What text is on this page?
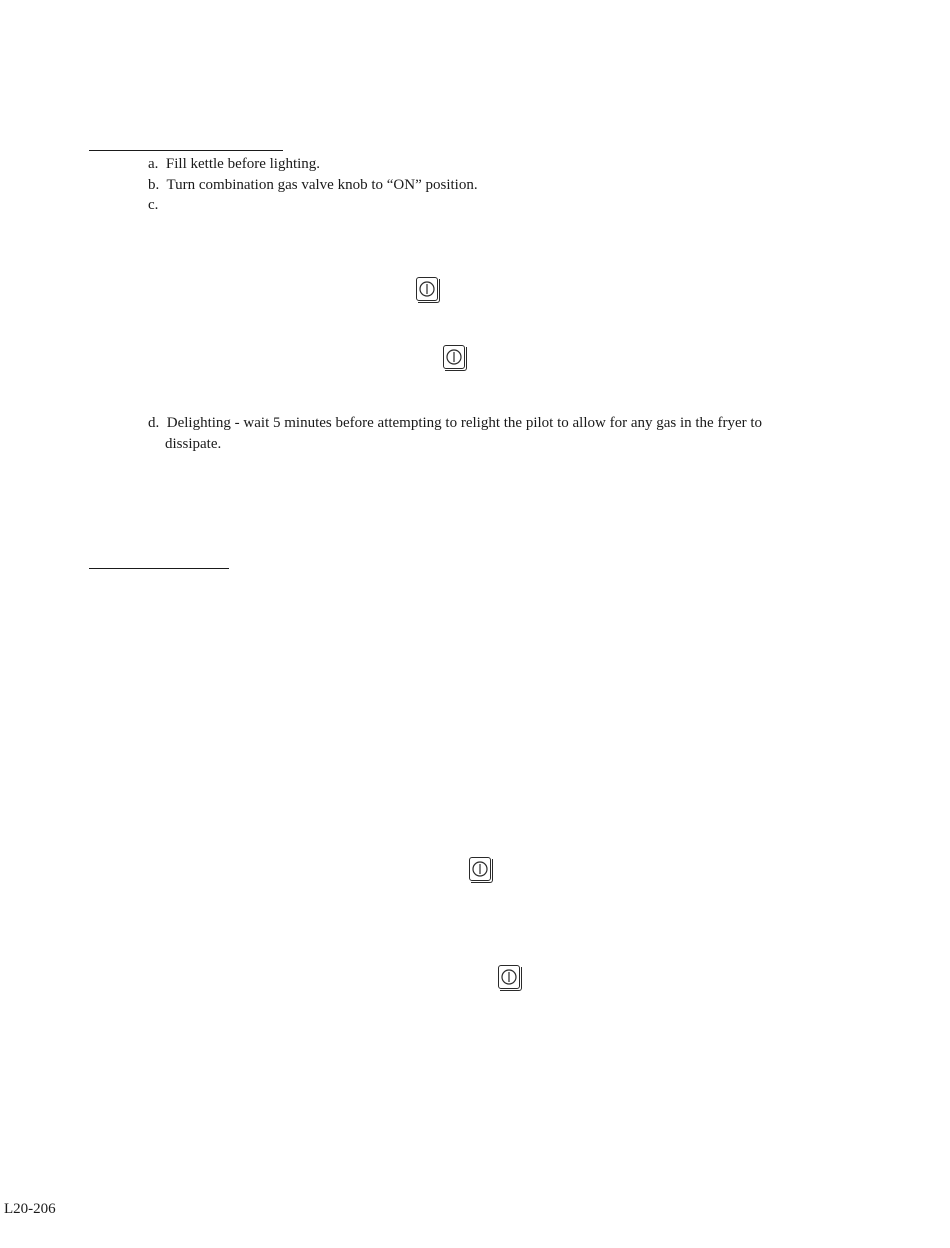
a. Fill kettle before lighting.
b. Turn combination gas valve knob to “ON” position.
c.
d. Delighting - wait 5 minutes before attempting to relight the pilot to allow for any gas in the fryer to
dissipate.
L20-206
